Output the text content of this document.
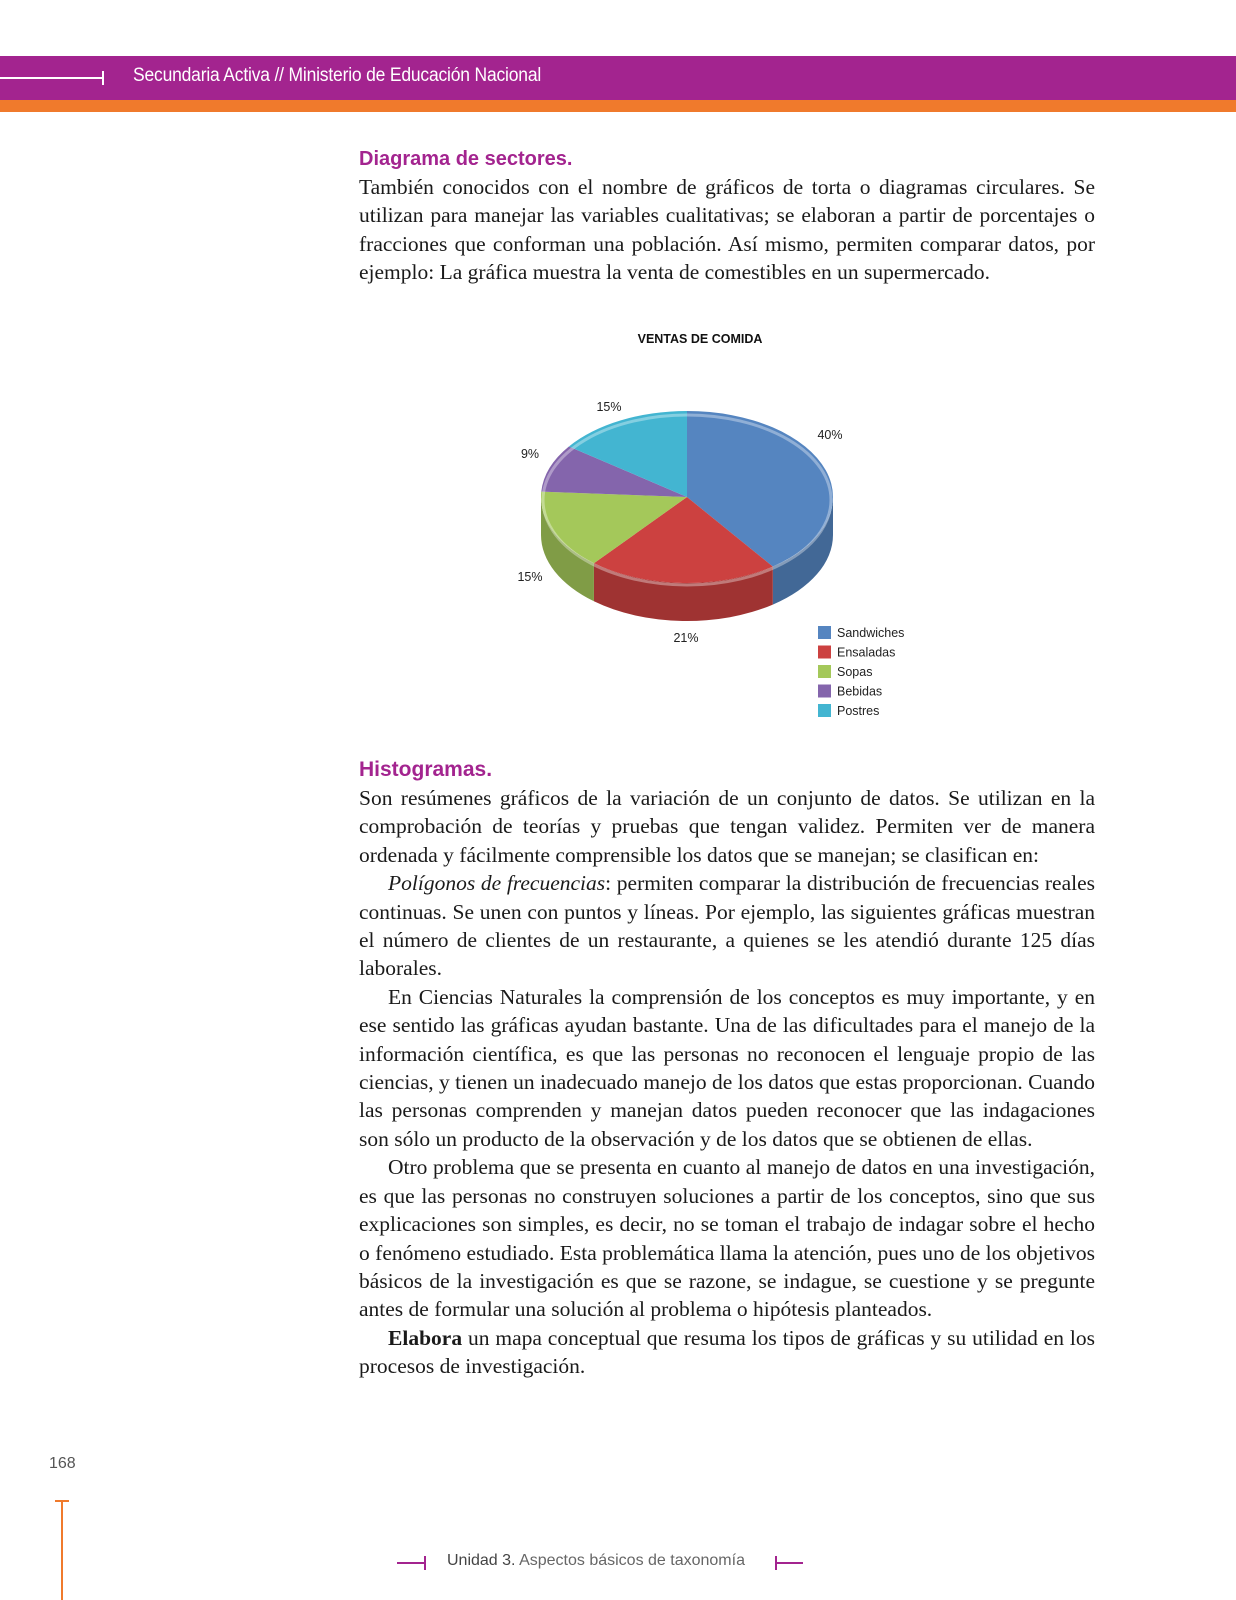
Secundaria Activa // Ministerio de Educación Nacional
Diagrama de sectores.

También conocidos con el nombre de gráficos de torta o diagramas circulares. Se utilizan para manejar las variables cualitativas; se elaboran a partir de porcentajes o fracciones que conforman una población. Así mismo, permiten comparar datos, por ejemplo: La gráfica muestra la venta de comestibles en un supermercado.

VENTAS DE COMIDA
40%
21%
15%
9%
15%
Sandwiches
Ensaladas
Sopas
Bebidas
Postres
Histogramas.

Son resúmenes gráficos de la variación de un conjunto de datos. Se utilizan en la comprobación de teorías y pruebas que tengan validez. Permiten ver de manera ordenada y fácilmente comprensible los datos que se manejan; se clasifican en:

Polígonos de frecuencias: permiten comparar la distribución de frecuencias reales continuas. Se unen con puntos y líneas. Por ejemplo, las siguientes gráficas muestran el número de clientes de un restaurante, a quienes se les atendió durante 125 días laborales.

En Ciencias Naturales la comprensión de los conceptos es muy importante, y en ese sentido las gráficas ayudan bastante. Una de las dificultades para el manejo de la información científica, es que las personas no reconocen el lenguaje propio de las ciencias, y tienen un inadecuado manejo de los datos que estas proporcionan. Cuando las personas comprenden y manejan datos pueden reconocer que las indagaciones son sólo un producto de la observación y de los datos que se obtienen de ellas.

Otro problema que se presenta en cuanto al manejo de datos en una investigación, es que las personas no construyen soluciones a partir de los conceptos, sino que sus explicaciones son simples, es decir, no se toman el trabajo de indagar sobre el hecho o fenómeno estudiado. Esta problemática llama la atención, pues uno de los objetivos básicos de la investigación es que se razone, se indague, se cuestione y se pregunte antes de formular una solución al problema o hipótesis planteados.

Elabora un mapa conceptual que resuma los tipos de gráficas y su utilidad en los procesos de investigación.

168
Unidad 3. Aspectos básicos de taxonomía
